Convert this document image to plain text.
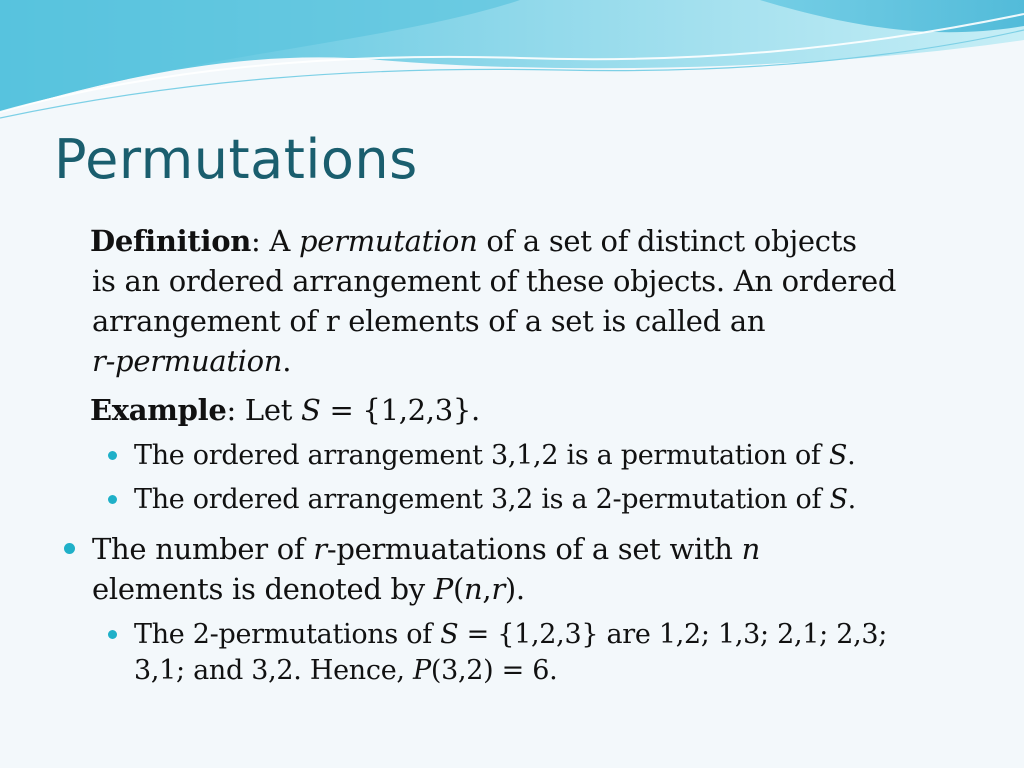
Permutations
Definition: A permutation of a set of distinct objects
is an ordered arrangement of these objects. An ordered
arrangement of r elements of a set is called an
r-permuation.
Example: Let S = {1,2,3}.
The ordered arrangement 3,1,2 is a permutation of S.
The ordered arrangement 3,2 is a 2-permutation of S.
The number of r-permuatations of a set with n
elements is denoted by P(n,r).
The 2-permutations of S = {1,2,3} are 1,2; 1,3; 2,1; 2,3;
3,1; and 3,2. Hence, P(3,2) = 6.
